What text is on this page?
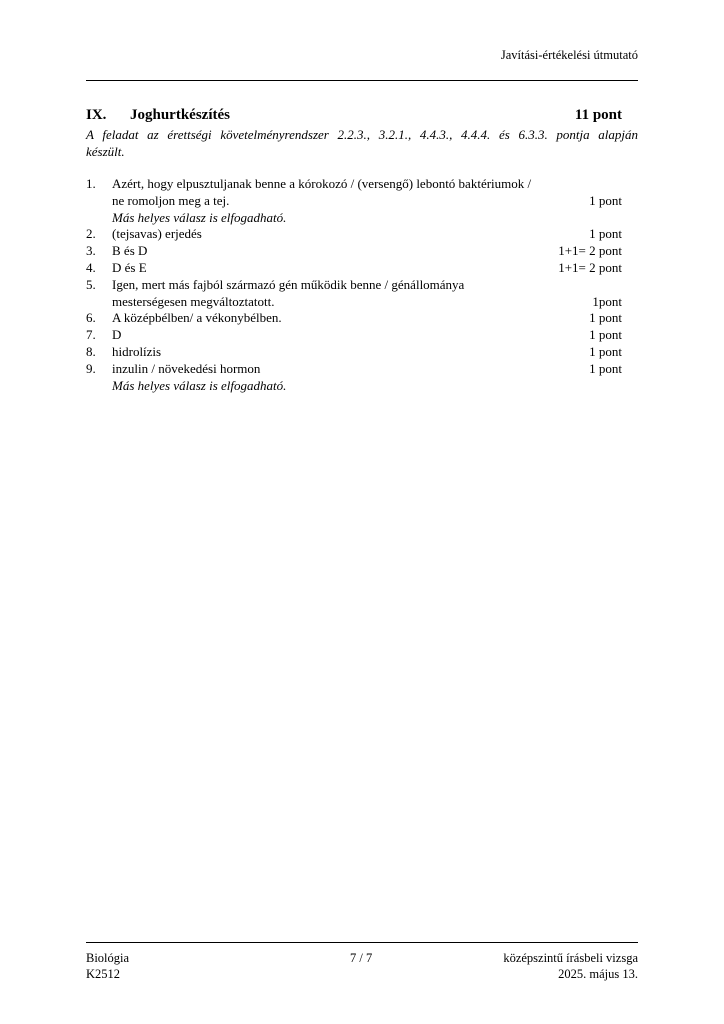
Javítási-értékelési útmutató
IX. Joghurtkészítés	11 pont
A feladat az érettségi követelményrendszer 2.2.3., 3.2.1., 4.4.3., 4.4.4. és 6.3.3. pontja alapján
készült.
1. Azért, hogy elpusztuljanak benne a kórokozó / (versengő) lebontó baktériumok /
ne romoljon meg a tej.	1 pont
Más helyes válasz is elfogadható.
2. (tejsavas) erjedés	1 pont
3. B és D	1+1= 2 pont
4. D és E	1+1= 2 pont
5. Igen, mert más fajból származó gén működik benne / génállománya
mesterségesen megváltoztatott.	1pont
6. A középbélben/ a vékonybélben.	1 pont
7. D	1 pont
8. hidrolízis	1 pont
9. inzulin / növekedési hormon	1 pont
Más helyes válasz is elfogadható.
Biológia
K2512
7 / 7	középszintű írásbeli vizsga
2025. május 13.
